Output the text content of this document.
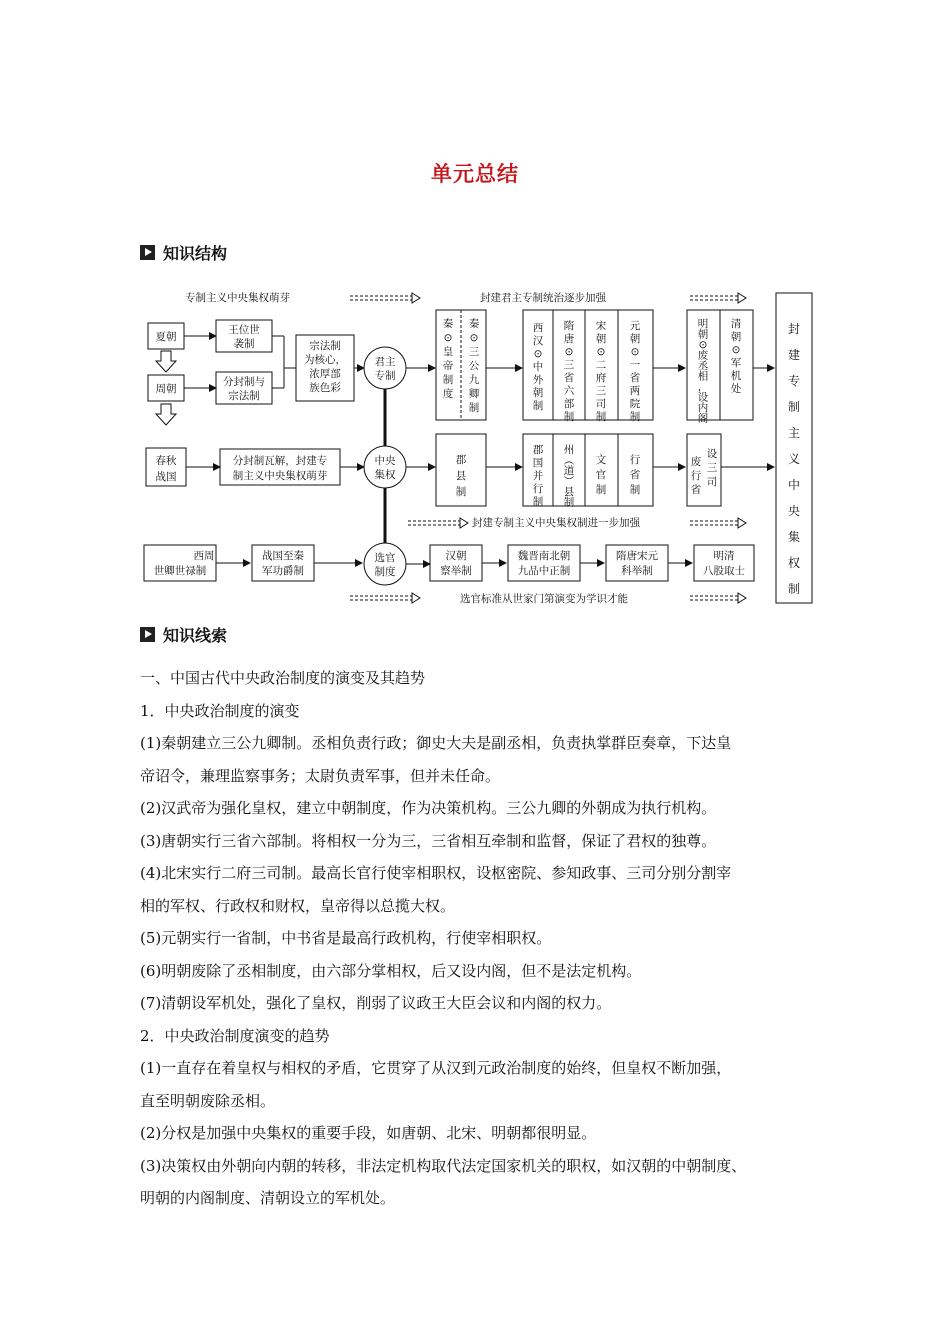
单元总结
知识结构
专制主义中央集权萌芽	封建君主专制统治逐步加强
封建专制主义中央集权制进一步加强
选官标准从世家门第演变为学识才能
夏朝
周朝
春秋
战国
王位世
袭制
分封制与
宗法制
宗法制
为核心，
浓厚部
族色彩
分封制瓦解，封建专
制主义中央集权萌芽
君主
专制
中央
集权
选官
制度
秦
⊙
皇
帝
制
度
秦
⊙
三
公
九
卿
制
西
汉
⊙
中
外
朝
制
隋
唐
⊙
三
省
六
部
制
宋
朝
⊙
二
府
三
司
制
元
朝
⊙
一
省
两
院
制
明
朝
⊙
废
丞
相
，
设
内
阁
清
朝
⊙
军
机
处
郡
县
制
郡
国
并
行
制
州
︵
道
︶
县
制
文
官
制
行
省
制
废
行
省
设
三
司
封
建
专
制
主
义
中
央
集
权
制
西周
世卿世禄制
战国至秦
军功爵制
汉朝
察举制
魏晋南北朝
九品中正制
隋唐宋元
科举制
明清
八股取士
知识线索

一、中国古代中央政治制度的演变及其趋势

1．中央政治制度的演变

(1)秦朝建立三公九卿制。丞相负责行政；御史大夫是副丞相，负责执掌群臣奏章，下达皇

帝诏令，兼理监察事务；太尉负责军事，但并未任命。

(2)汉武帝为强化皇权，建立中朝制度，作为决策机构。三公九卿的外朝成为执行机构。

(3)唐朝实行三省六部制。将相权一分为三，三省相互牵制和监督，保证了君权的独尊。

(4)北宋实行二府三司制。最高长官行使宰相职权，设枢密院、参知政事、三司分别分割宰

相的军权、行政权和财权，皇帝得以总揽大权。

(5)元朝实行一省制，中书省是最高行政机构，行使宰相职权。

(6)明朝废除了丞相制度，由六部分掌相权，后又设内阁，但不是法定机构。

(7)清朝设军机处，强化了皇权，削弱了议政王大臣会议和内阁的权力。

2．中央政治制度演变的趋势

(1)一直存在着皇权与相权的矛盾，它贯穿了从汉到元政治制度的始终，但皇权不断加强，

直至明朝废除丞相。

(2)分权是加强中央集权的重要手段，如唐朝、北宋、明朝都很明显。

(3)决策权由外朝向内朝的转移，非法定机构取代法定国家机关的职权，如汉朝的中朝制度、

明朝的内阁制度、清朝设立的军机处。
